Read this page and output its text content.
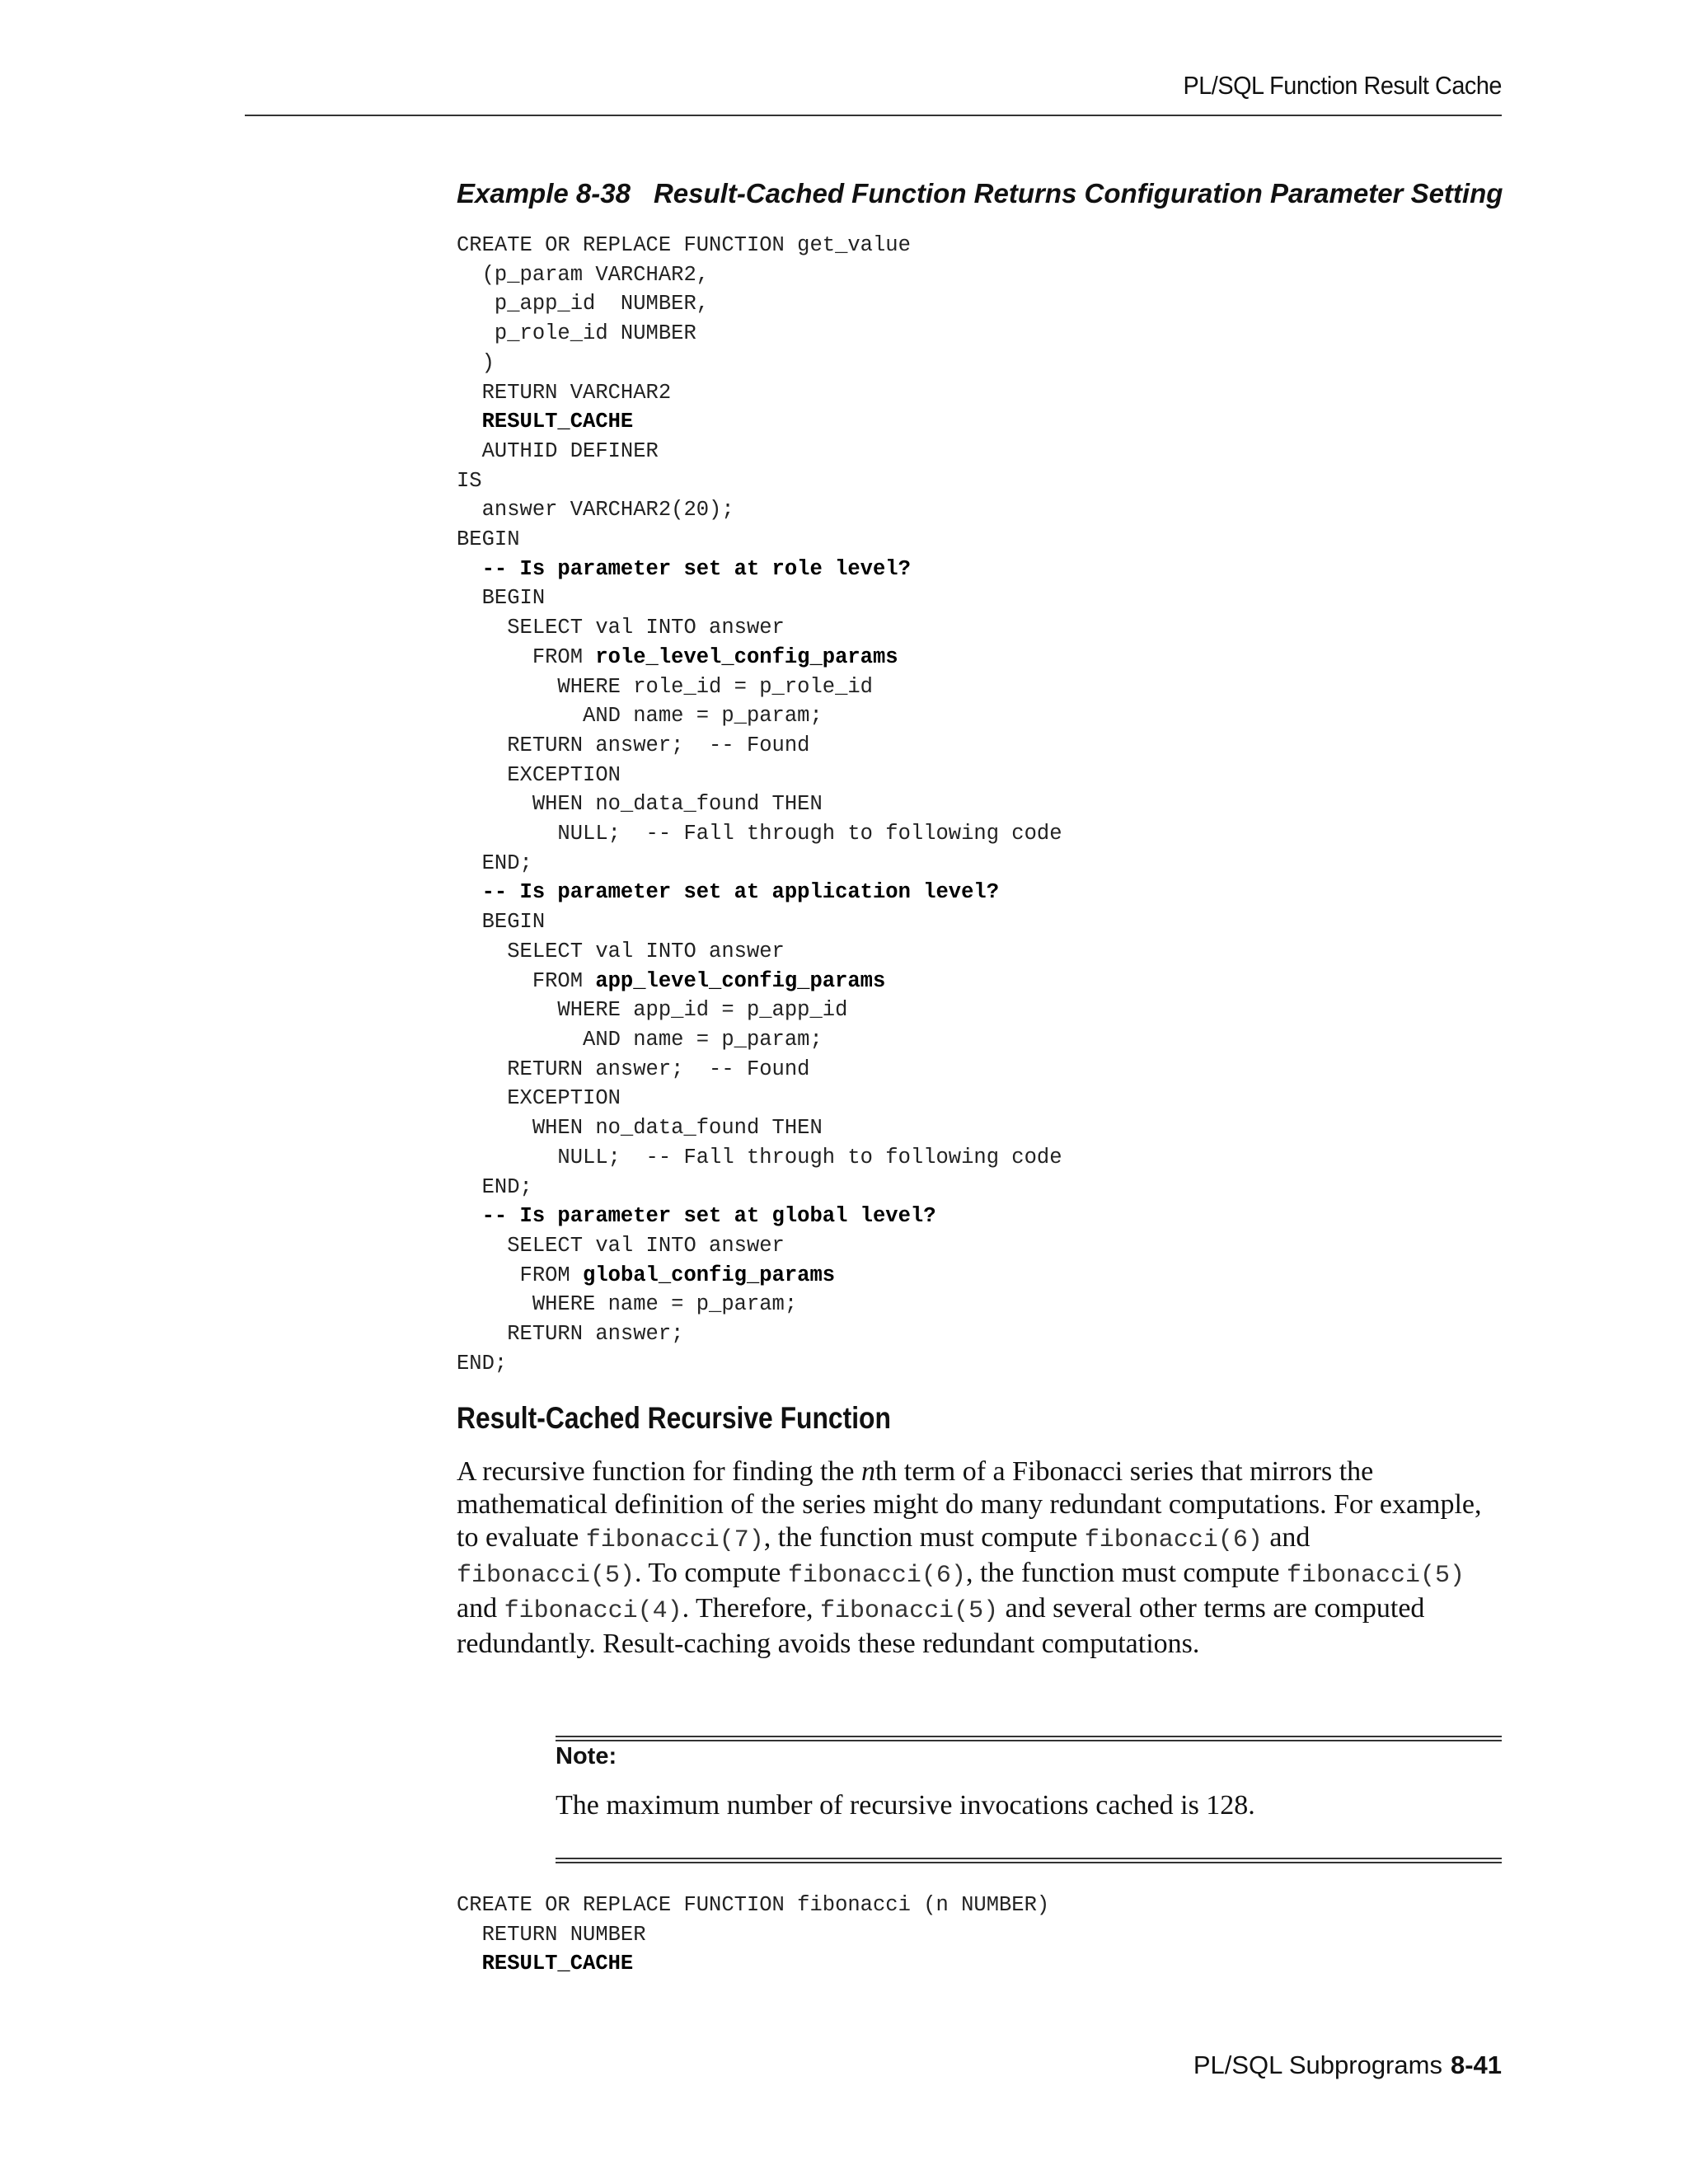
PL/SQL Function Result Cache
Example 8-38 Result-Cached Function Returns Configuration Parameter Setting
CREATE OR REPLACE FUNCTION get_value
(p_param VARCHAR2,
p_app_id  NUMBER,
p_role_id NUMBER
)
RETURN VARCHAR2
RESULT_CACHE
AUTHID DEFINER
IS
answer VARCHAR2(20);
BEGIN
-- Is parameter set at role level?
BEGIN
SELECT val INTO answer
FROM role_level_config_params
WHERE role_id = p_role_id
AND name = p_param;
RETURN answer;  -- Found
EXCEPTION
WHEN no_data_found THEN
NULL;  -- Fall through to following code
END;
-- Is parameter set at application level?
BEGIN
SELECT val INTO answer
FROM app_level_config_params
WHERE app_id = p_app_id
AND name = p_param;
RETURN answer;  -- Found
EXCEPTION
WHEN no_data_found THEN
NULL;  -- Fall through to following code
END;
-- Is parameter set at global level?
SELECT val INTO answer
FROM global_config_params
WHERE name = p_param;
RETURN answer;
END;
Result-Cached Recursive Function
A recursive function for finding the nth term of a Fibonacci series that mirrors the mathematical definition of the series might do many redundant computations. For example, to evaluate fibonacci(7), the function must compute fibonacci(6) and fibonacci(5). To compute fibonacci(6), the function must compute fibonacci(5) and fibonacci(4). Therefore, fibonacci(5) and several other terms are computed redundantly. Result-caching avoids these redundant computations.
Note:
The maximum number of recursive invocations cached is 128.
CREATE OR REPLACE FUNCTION fibonacci (n NUMBER)
RETURN NUMBER
RESULT_CACHE
PL/SQL Subprograms 8-41
